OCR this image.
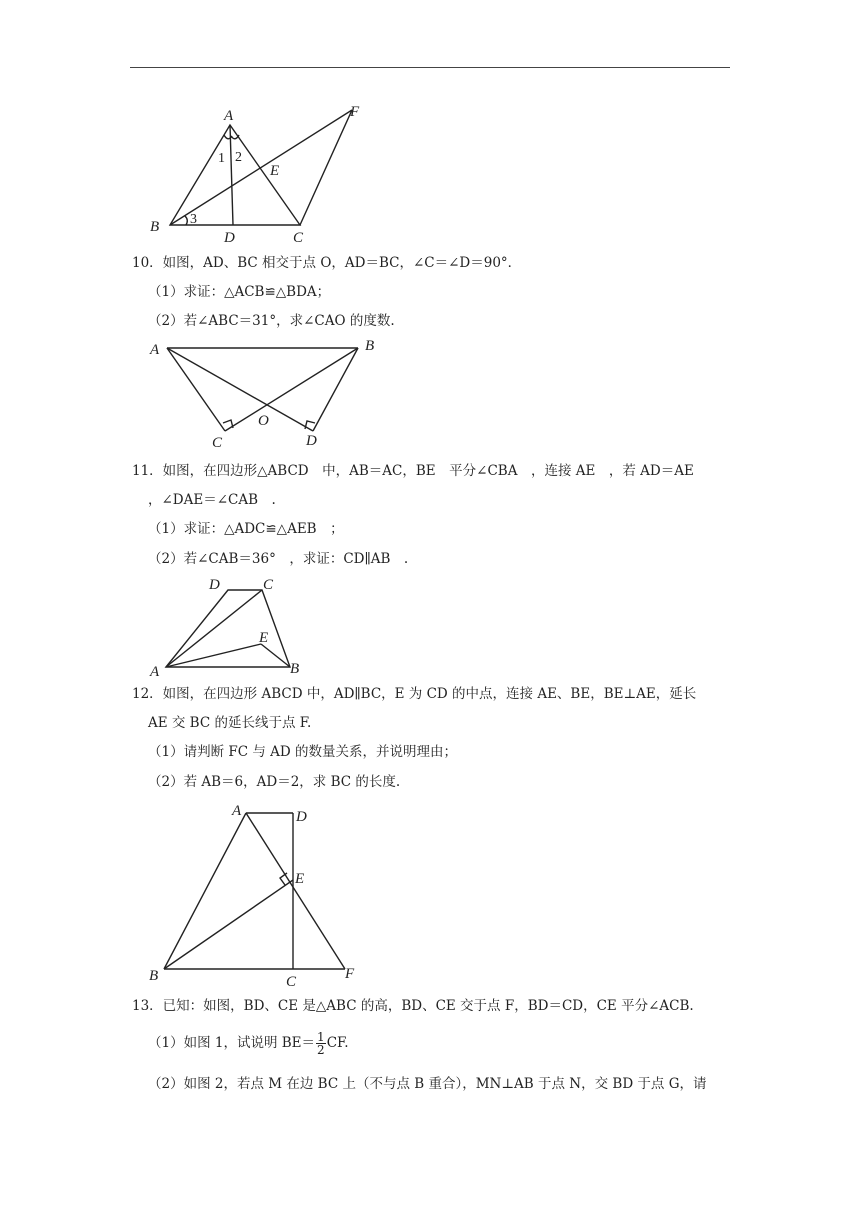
A
B
C
D
E
F
1 2
3
10．如图，AD、BC 相交于点 O，AD＝BC，∠C＝∠D＝90°．
（1）求证：△ACB≌△BDA；
（2）若∠ABC＝31°，求∠CAO 的度数.
A	B
C	D
O
11．如图，在四边形△ABCD　中，AB＝AC，BE　平分∠CBA　，连接 AE　，若 AD＝AE
，∠DAE＝∠CAB　.
（1）求证：△ADC≌△AEB　；
（2）若∠CAB＝36°　，求证：CD∥AB　.
A	B
C
D
E
12．如图，在四边形 ABCD 中，AD∥BC，E 为 CD 的中点，连接 AE、BE，BE⊥AE，延长
AE 交 BC 的延长线于点 F.
（1）请判断 FC 与 AD 的数量关系，并说明理由；
（2）若 AB＝6，AD＝2，求 BC 的长度.
A
B	C
D
E
F
13．已知：如图，BD、CE 是△ABC 的高，BD、CE 交于点 F，BD＝CD，CE 平分∠ACB.
（1）如图 1，试说明 $BE= \frac{1}{2}$ CF.
（2）如图 2，若点 M 在边 BC 上（不与点 B 重合），MN⊥AB 于点 N，交 BD 于点 G，请
